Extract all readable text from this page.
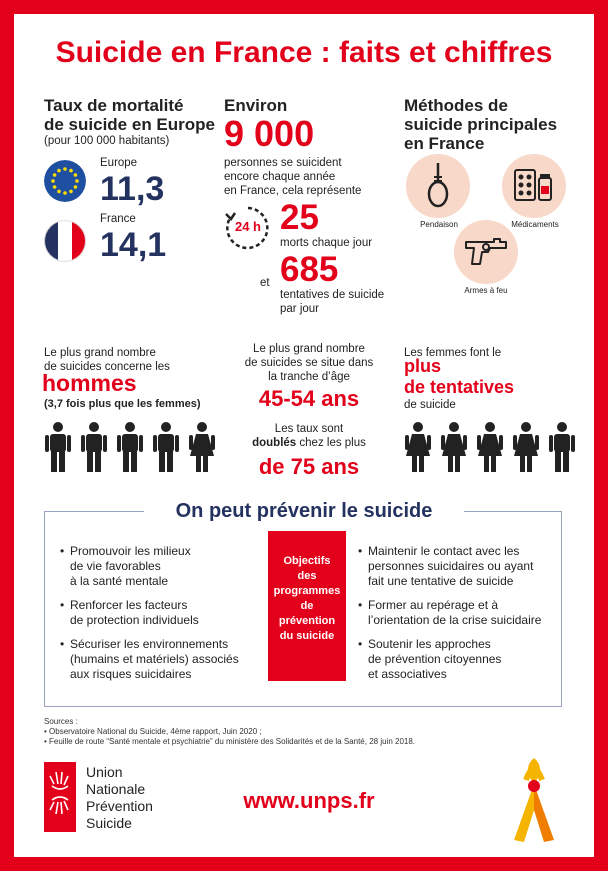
Suicide en France : faits et chiffres
Taux de mortalité
de suicide en Europe
(pour 100 000 habitants)
Europe
11,3
France
14,1
Environ
9 000
personnes se suicident
encore chaque année
en France, cela représente
24 h 25
morts chaque jour
et 685
tentatives de suicide
par jour
Méthodes de
suicide principales
en France
Pendaison	Médicaments
Armes à feu
Le plus grand nombre
de suicides concerne les
hommes
(3,7 fois plus que les femmes)
Le plus grand nombre
de suicides se situe dans
la tranche d’âge
45-54 ans
Les taux sont
doublés chez les plus
de 75 ans
Les femmes font le
plus
de tentatives
de suicide
On peut prévenir le suicide
• Promouvoir les milieux
de vie favorables
à la santé mentale
• Renforcer les facteurs
de protection individuels
• Sécuriser les environnements
(humains et matériels) associés
aux risques suicidaires
Objectifs
des
programmes
de
prévention
du suicide
• Maintenir le contact avec les
personnes suicidaires ou ayant
fait une tentative de suicide
• Former au repérage et à
l’orientation de la crise suicidaire
• Soutenir les approches
de prévention citoyennes
et associatives
Sources :
• Observatoire National du Suicide, 4ème rapport, Juin 2020 ;
• Feuille de route “Santé mentale et psychiatrie” du ministère des Solidarités et de la Santé, 28 juin 2018.
Union
Nationale
Prévention
Suicide
www.unps.fr
